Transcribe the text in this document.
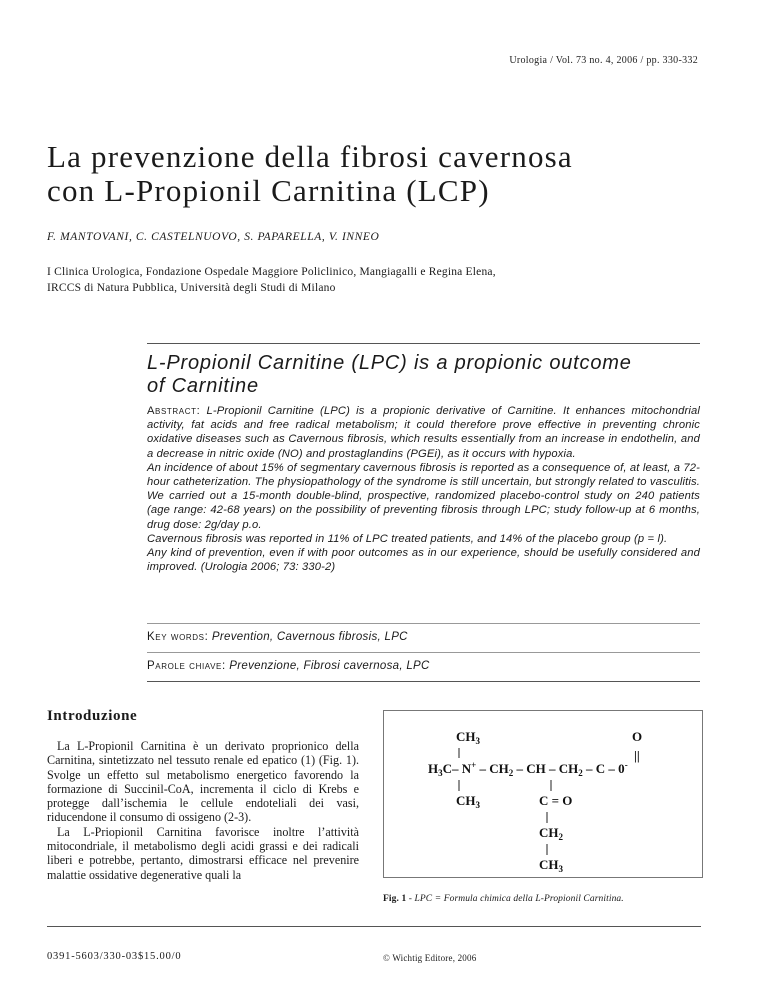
Urologia / Vol. 73 no. 4, 2006 / pp. 330-332
La prevenzione della fibrosi cavernosa
con L-Propionil Carnitina (LCP)
F. MANTOVANI, C. CASTELNUOVO, S. PAPARELLA, V. INNEO
I Clinica Urologica, Fondazione Ospedale Maggiore Policlinico, Mangiagalli e Regina Elena,
IRCCS di Natura Pubblica, Università degli Studi di Milano
L-Propionil Carnitine (LPC) is a propionic outcome
of Carnitine

Abstract: L-Propionil Carnitine (LPC) is a propionic derivative of Carnitine. It enhances mitochondrial activity, fat acids and free radical metabolism; it could therefore prove effective in preventing chronic oxidative diseases such as Cavernous fibrosis, which results essentially from an increase in endothelin, and a decrease in nitric oxide (NO) and prostaglandins (PGEi), as it occurs with hypoxia.

An incidence of about 15% of segmentary cavernous fibrosis is reported as a consequence of, at least, a 72-hour catheterization. The physiopathology of the syndrome is still uncertain, but strongly related to vasculitis.

We carried out a 15-month double-blind, prospective, randomized placebo-control study on 240 patients (age range: 42-68 years) on the possibility of preventing fibrosis through LPC; study follow-up at 6 months, drug dose: 2g/day p.o.

Cavernous fibrosis was reported in 11% of LPC treated patients, and 14% of the placebo group (p = l).

Any kind of prevention, even if with poor outcomes as in our experience, should be usefully considered and improved. (Urologia 2006; 73: 330-2)

Key words: Prevention, Cavernous fibrosis, LPC
Parole chiave: Prevenzione, Fibrosi cavernosa, LPC
Introduzione

La L-Propionil Carnitina è un derivato proprionico della Carnitina, sintetizzato nel tessuto renale ed epatico (1) (Fig. 1). Svolge un effetto sul metabolismo energetico favorendo la formazione di Succinil-CoA, incrementa il ciclo di Krebs e protegge dall’ischemia le cellule endoteliali dei vasi, riducendone il consumo di ossigeno (2-3).

La L-Priopionil Carnitina favorisce inoltre l’attività mitocondriale, il metabolismo degli acidi grassi e dei radicali liberi e potrebbe, pertanto, dimostrarsi efficace nel prevenire malattie ossidative degenerative quali la

$CH_3$	O
||
$H_3C-$ $N^+ - CH_2$ – CH – $CH_2$ – C – 0-
$CH_3$	C = O
$CH_2$
$CH_3$
Fig. 1 - LPC = Formula chimica della L-Propionil Carnitina.
0391-5603/330-03$15.00/0	© Wichtig Editore, 2006
